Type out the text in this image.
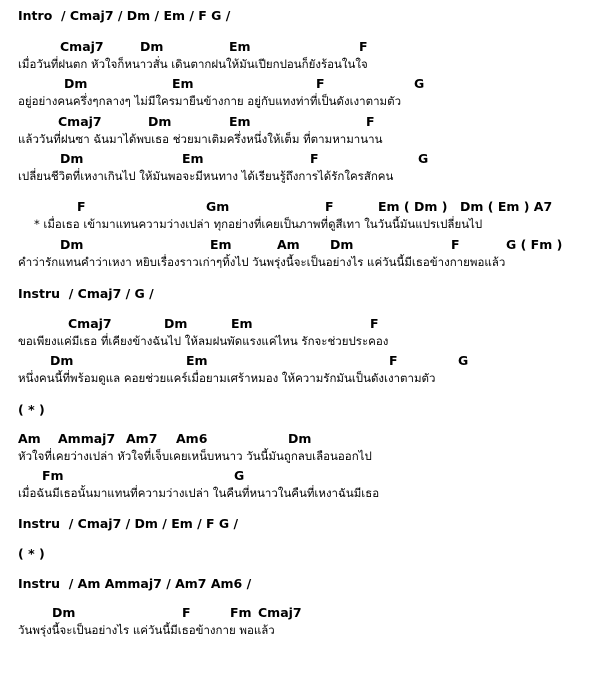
Intro  / Cmaj7 / Dm / Em / F G /
Cmaj7	Dm	Em	F
เมื่อวันที่ฝนตก หัวใจก็หนาวสั่น เดินตากฝนให้มันเปียกปอนก็ยังร้อนในใจ
Dm	Em	F	G
อยู่อย่างคนครึ่งๆกลางๆ ไม่มีใครมายืนข้างกาย อยู่กับแทงท่าที่เป็นดังเงาตามตัว
Cmaj7	Dm	Em	F
แล้ววันที่ฝนซา ฉันมาได้พบเธอ ช่วยมาเติมครึ่งหนึ่งให้เต็ม ที่ตามหามานาน
Dm	Em	F	G
เปลี่ยนชีวิตที่เหงาเกินไป ให้มันพอจะมีหนทาง ได้เรียนรู้ถึงการได้รักใครสักคน
F	Gm	F	Em ( Dm ) Dm ( Em ) A7
* เมื่อเธอ เข้ามาแทนความว่างเปล่า ทุกอย่างที่เคยเป็นภาพที่ดูสีเทา ในวันนี้มันแปรเปลี่ยนไป
Dm	Em	Am Dm	F	G ( Fm )
คำว่ารักแทนคำว่าเหงา หยิบเรื่องราวเก่าๆทิ้งไป วันพรุ่งนี้จะเป็นอย่างไร แค่วันนี้มีเธอข้างกายพอแล้ว
Instru  / Cmaj7 / G /
Cmaj7	Dm	Em	F
ขอเพียงแค่มีเธอ ที่เคียงข้างฉันไป ให้ลมฝนพัดแรงแค่ไหน รักจะช่วยประคอง
Dm	Em	F	G
หนึ่งคนนี้ที่พร้อมดูแล คอยช่วยแคร์เมื่อยามเศร้าหมอง ให้ความรักมันเป็นดังเงาตามตัว
( * )
Am Ammaj7 Am7 Am6	Dm
หัวใจที่เคยว่างเปล่า หัวใจที่เจ็บเคยเหน็บหนาว วันนี้มันถูกลบเลือนออกไป
Fm	G
เมื่อฉันมีเธอนั้นมาแทนที่ความว่างเปล่า ในคืนที่หนาวในคืนที่เหงาฉันมีเธอ
Instru  / Cmaj7 / Dm / Em / F G /
( * )
Instru  / Am Ammaj7 / Am7 Am6 /
Dm	F	Fm Cmaj7
วันพรุ่งนี้จะเป็นอย่างไร แค่วันนี้มีเธอข้างกาย พอแล้ว
